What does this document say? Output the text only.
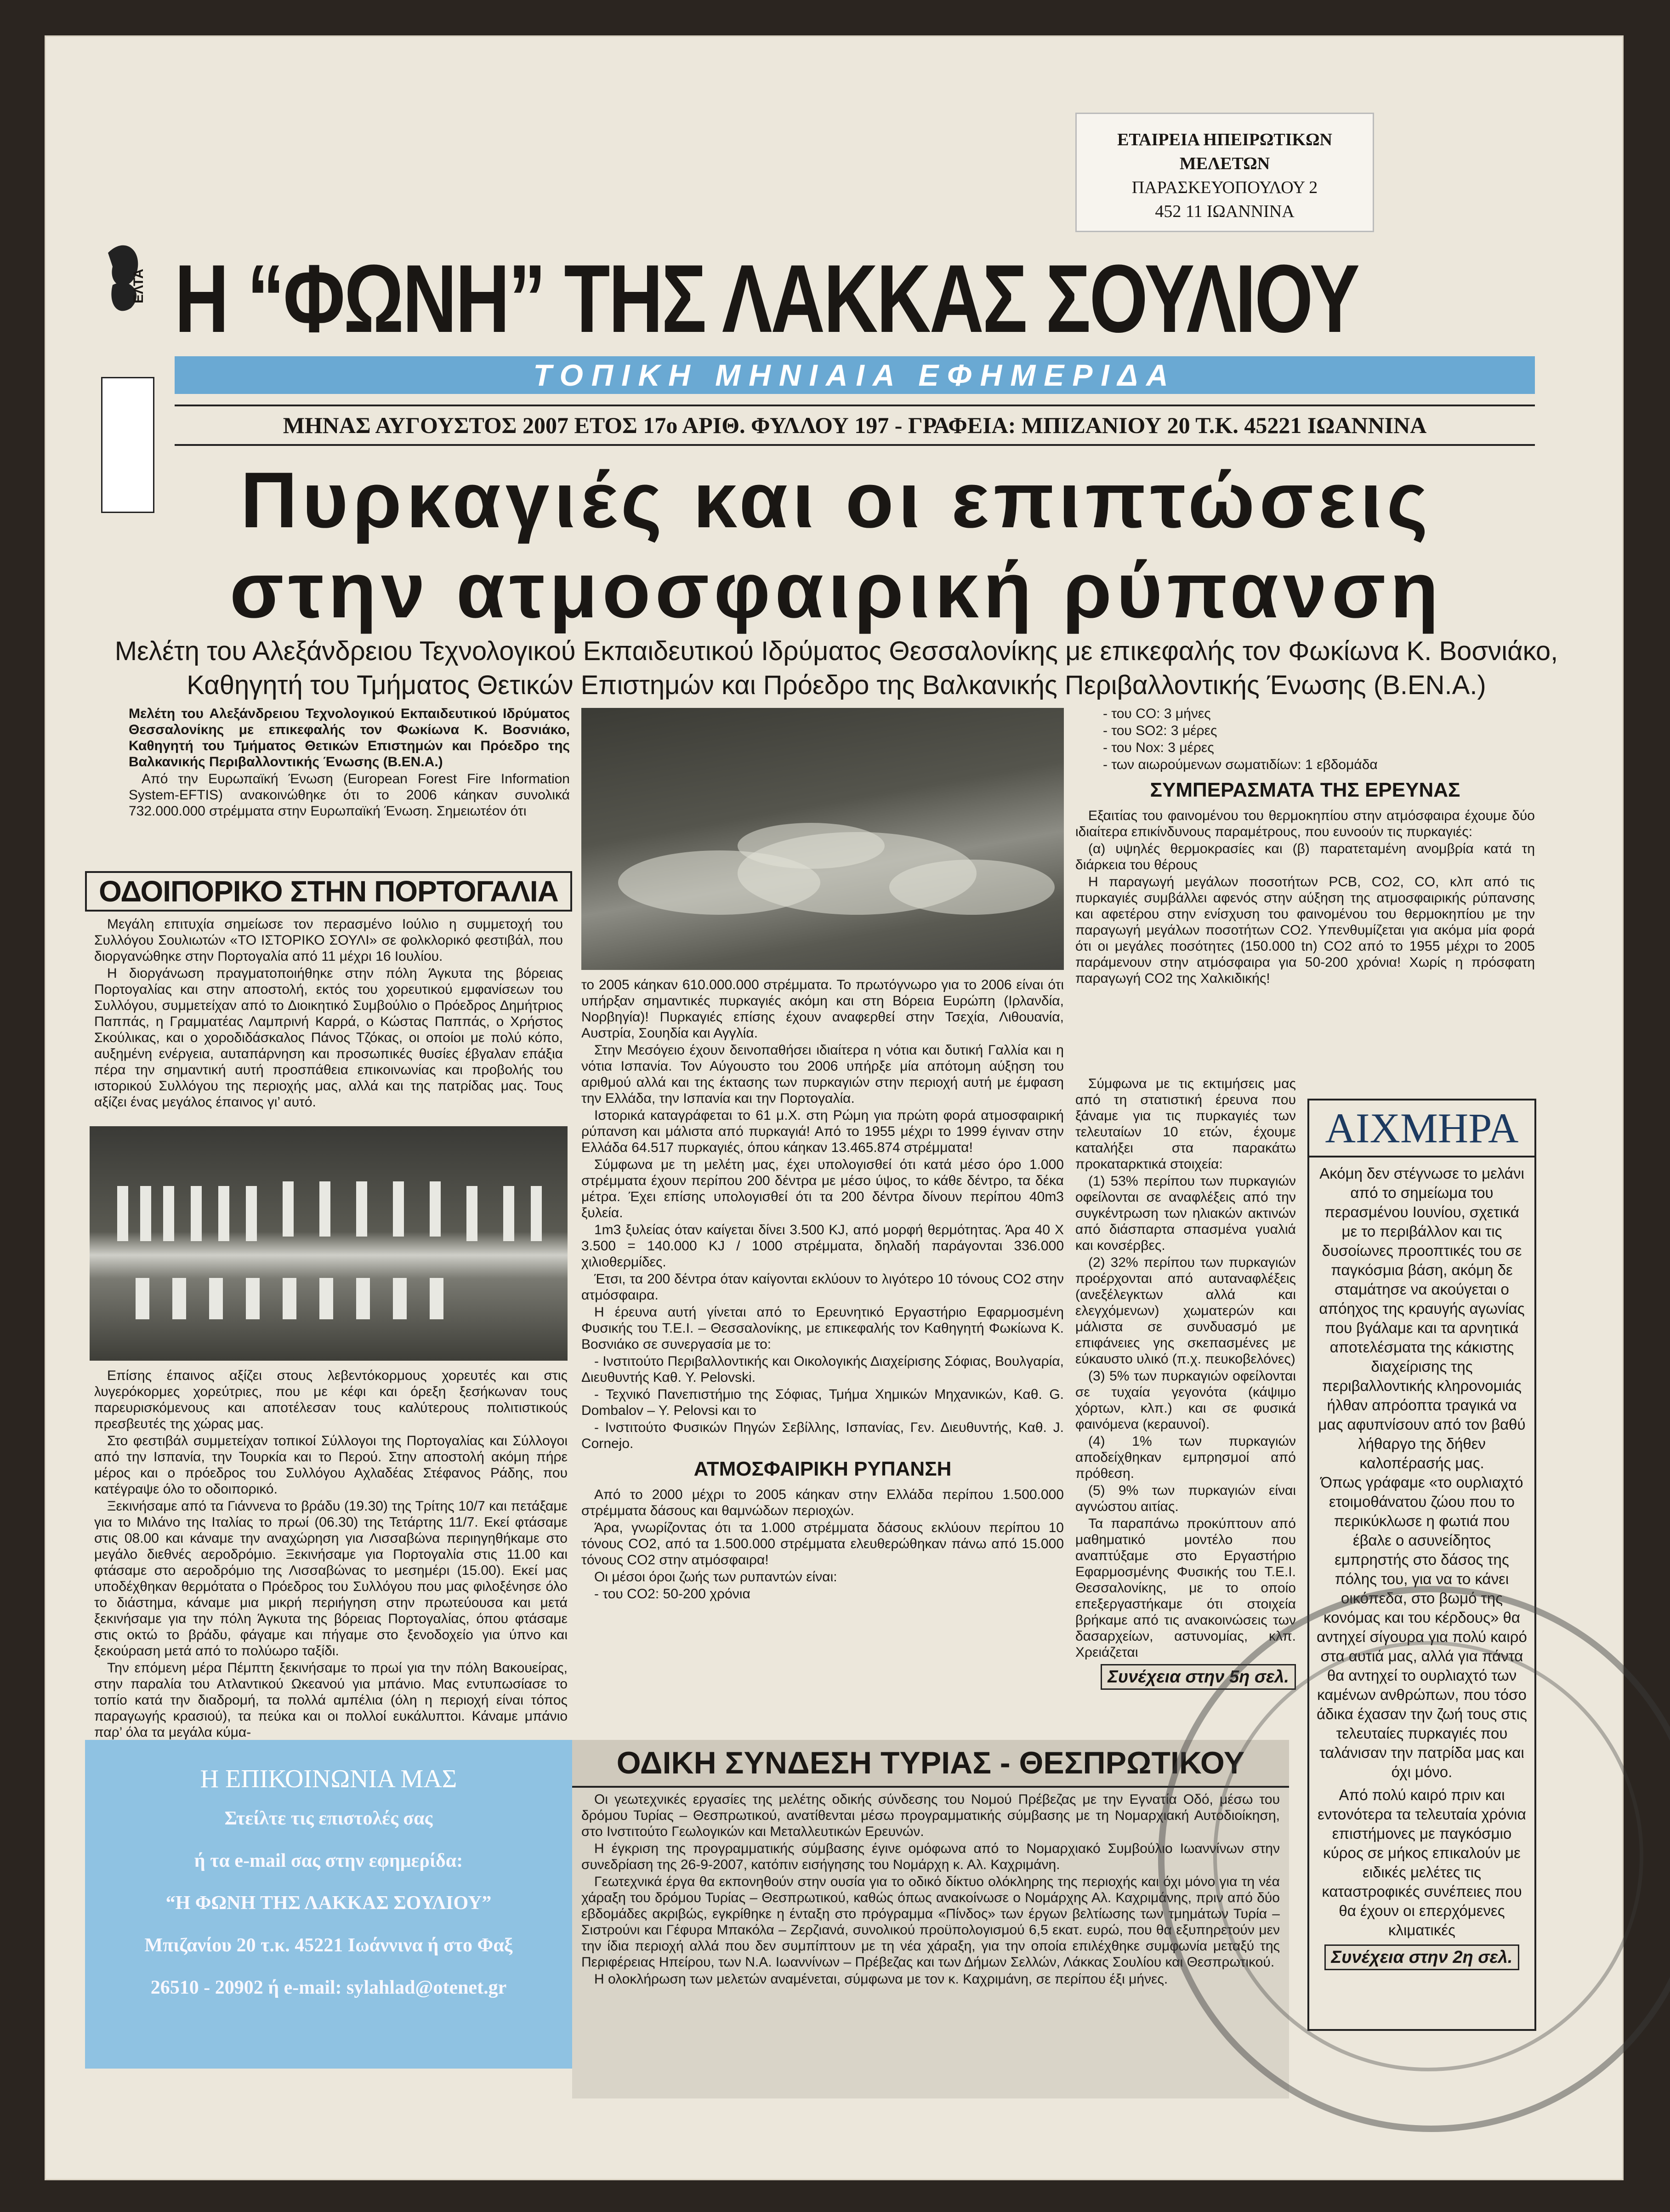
ΕΤΑΙΡΕΙΑ ΗΠΕΙΡΩΤΙΚΩΝ ΜΕΛΕΤΩΝ
ΠΑΡΑΣΚΕΥΟΠΟΥΛΟΥ 2
452 11 ΙΩΑΝΝΙΝΑ
ΕΛΤΑ Η “ΦΩΝΗ” ΤΗΣ ΛΑΚΚΑΣ ΣΟΥΛΙΟΥ
ΤΟΠΙΚΗ ΜΗΝΙΑΙΑ ΕΦΗΜΕΡΙΔΑ
ΜΗΝΑΣ ΑΥΓΟΥΣΤΟΣ 2007 ΕΤΟΣ 17ο ΑΡΙΘ. ΦΥΛΛΟΥ 197 - ΓΡΑΦΕΙΑ: ΜΠΙΖΑΝΙΟΥ 20 Τ.Κ. 45221 ΙΩΑΝΝΙΝΑ
Πυρκαγιές και οι επιπτώσεις
στην ατμοσφαιρική ρύπανση
Μελέτη του Αλεξάνδρειου Τεχνολογικού Εκπαιδευτικού Ιδρύματος Θεσσαλονίκης με επικεφαλής τον Φωκίωνα Κ. Βοσνιάκο, Καθηγητή του Τμήματος Θετικών Επιστημών και Πρόεδρο της Βαλκανικής Περιβαλλοντικής Ένωσης (Β.ΕΝ.Α.)

Μελέτη του Αλεξάνδρειου Τεχνολογικού Εκπαιδευτικού Ιδρύματος Θεσσαλονίκης με επικεφαλής τον Φωκίωνα Κ. Βοσνιάκο, Καθηγητή του Τμήματος Θετικών Επιστημών και Πρόεδρο της Βαλκανικής Περιβαλλοντικής Ένωσης (Β.ΕΝ.Α.)

Από την Ευρωπαϊκή Ένωση (European Forest Fire Information System-EFTIS) ανακοινώθηκε ότι το 2006 κάηκαν συνολικά 732.000.000 στρέμματα στην Ευρωπαϊκή Ένωση. Σημειωτέον ότι

ΟΔΟΙΠΟΡΙΚΟ ΣΤΗΝ ΠΟΡΤΟΓΑΛΙΑ

Μεγάλη επιτυχία σημείωσε τον περασμένο Ιούλιο η συμμετοχή του Συλλόγου Σουλιωτών «ΤΟ ΙΣΤΟΡΙΚΟ ΣΟΥΛΙ» σε φολκλορικό φεστιβάλ, που διοργανώθηκε στην Πορτογαλία από 11 μέχρι 16 Ιουλίου.

Η διοργάνωση πραγματοποιήθηκε στην πόλη Άγκυτα της βόρειας Πορτογαλίας και στην αποστολή, εκτός του χορευτικού εμφανίσεων του Συλλόγου, συμμετείχαν από το Διοικητικό Συμβούλιο ο Πρόεδρος Δημήτριος Παππάς, η Γραμματέας Λαμπρινή Καρρά, ο Κώστας Παππάς, ο Χρήστος Σκούλικας, και ο χοροδιδάσκαλος Πάνος Τζόκας, οι οποίοι με πολύ κόπο, αυξημένη ενέργεια, αυταπάρνηση και προσωπικές θυσίες έβγαλαν επάξια πέρα την σημαντική αυτή προσπάθεια επικοινωνίας και προβολής του ιστορικού Συλλόγου της περιοχής μας, αλλά και της πατρίδας μας. Τους αξίζει ένας μεγάλος έπαινος γι’ αυτό.

Επίσης έπαινος αξίζει στους λεβεντόκορμους χορευτές και στις λυγερόκορμες χορεύτριες, που με κέφι και όρεξη ξεσήκωναν τους παρευρισκόμενους και αποτέλεσαν τους καλύτερους πολιτιστικούς πρεσβευτές της χώρας μας.

Στο φεστιβάλ συμμετείχαν τοπικοί Σύλλογοι της Πορτογαλίας και Σύλλογοι από την Ισπανία, την Τουρκία και το Περού. Στην αποστολή ακόμη πήρε μέρος και ο πρόεδρος του Συλλόγου Αχλαδέας Στέφανος Ράδης, που κατέγραψε όλο το οδοιπορικό.

Ξεκινήσαμε από τα Γιάννενα το βράδυ (19.30) της Τρίτης 10/7 και πετάξαμε για το Μιλάνο της Ιταλίας το πρωί (06.30) της Τετάρτης 11/7. Εκεί φτάσαμε στις 08.00 και κάναμε την αναχώρηση για Λισσαβώνα περιηγηθήκαμε στο μεγάλο διεθνές αεροδρόμιο. Ξεκινήσαμε για Πορτογαλία στις 11.00 και φτάσαμε στο αεροδρόμιο της Λισσαβώνας το μεσημέρι (15.00). Εκεί μας υποδέχθηκαν θερμότατα ο Πρόεδρος του Συλλόγου που μας φιλοξένησε όλο το διάστημα, κάναμε μια μικρή περιήγηση στην πρωτεύουσα και μετά ξεκινήσαμε για την πόλη Άγκυτα της βόρειας Πορτογαλίας, όπου φτάσαμε στις οκτώ το βράδυ, φάγαμε και πήγαμε στο ξενοδοχείο για ύπνο και ξεκούραση μετά από το πολύωρο ταξίδι.

Την επόμενη μέρα Πέμπτη ξεκινήσαμε το πρωί για την πόλη Βακουείρας, στην παραλία του Ατλαντικού Ωκεανού για μπάνιο. Μας εντυπωσίασε το τοπίο κατά την διαδρομή, τα πολλά αμπέλια (όλη η περιοχή είναι τόπος παραγωγής κρασιού), τα πεύκα και οι πολλοί ευκάλυπτοι. Κάναμε μπάνιο παρ’ όλα τα μεγάλα κύμα-

το 2005 κάηκαν 610.000.000 στρέμματα. Το πρωτόγνωρο για το 2006 είναι ότι υπήρξαν σημαντικές πυρκαγιές ακόμη και στη Βόρεια Ευρώπη (Ιρλανδία, Νορβηγία)! Πυρκαγιές επίσης έχουν αναφερθεί στην Τσεχία, Λιθουανία, Αυστρία, Σουηδία και Αγγλία.

Στην Μεσόγειο έχουν δεινοπαθήσει ιδιαίτερα η νότια και δυτική Γαλλία και η νότια Ισπανία. Τον Αύγουστο του 2006 υπήρξε μία απότομη αύξηση του αριθμού αλλά και της έκτασης των πυρκαγιών στην περιοχή αυτή με έμφαση την Ελλάδα, την Ισπανία και την Πορτογαλία.

Ιστορικά καταγράφεται το 61 μ.Χ. στη Ρώμη για πρώτη φορά ατμοσφαιρική ρύπανση και μάλιστα από πυρκαγιά! Από το 1955 μέχρι το 1999 έγιναν στην Ελλάδα 64.517 πυρκαγιές, όπου κάηκαν 13.465.874 στρέμματα!

Σύμφωνα με τη μελέτη μας, έχει υπολογισθεί ότι κατά μέσο όρο 1.000 στρέμματα έχουν περίπου 200 δέντρα με μέσο ύψος, το κάθε δέντρο, τα δέκα μέτρα. Έχει επίσης υπολογισθεί ότι τα 200 δέντρα δίνουν περίπου 40m3 ξυλεία.

1m3 ξυλείας όταν καίγεται δίνει 3.500 KJ, από μορφή θερμότητας. Άρα 40 Χ 3.500 = 140.000 KJ / 1000 στρέμματα, δηλαδή παράγονται 336.000 χιλιοθερμίδες.

Έτσι, τα 200 δέντρα όταν καίγονται εκλύουν το λιγότερο 10 τόνους CO2 στην ατμόσφαιρα.

Η έρευνα αυτή γίνεται από το Ερευνητικό Εργαστήριο Εφαρμοσμένη Φυσικής του Τ.Ε.Ι. – Θεσσαλονίκης, με επικεφαλής τον Καθηγητή Φωκίωνα Κ. Βοσνιάκο σε συνεργασία με το:

- Ινστιτούτο Περιβαλλοντικής και Οικολογικής Διαχείρισης Σόφιας, Βουλγαρία, Διευθυντής Καθ. Y. Pelovski.

- Τεχνικό Πανεπιστήμιο της Σόφιας, Τμήμα Χημικών Μηχανικών, Καθ. G. Dombalov – Y. Pelovsi και το

- Ινστιτούτο Φυσικών Πηγών Σεβίλλης, Ισπανίας, Γεν. Διευθυντής, Καθ. J. Cornejo.

ΑΤΜΟΣΦΑΙΡΙΚΗ ΡΥΠΑΝΣΗ

Από το 2000 μέχρι το 2005 κάηκαν στην Ελλάδα περίπου 1.500.000 στρέμματα δάσους και θαμνώδων περιοχών.

Άρα, γνωρίζοντας ότι τα 1.000 στρέμματα δάσους εκλύουν περίπου 10 τόνους CO2, από τα 1.500.000 στρέμματα ελευθερώθηκαν πάνω από 15.000 τόνους CO2 στην ατμόσφαιρα!

Οι μέσοι όροι ζωής των ρυπαντών είναι:

- του CO2: 50-200 χρόνια

- του CO: 3 μήνες

- του SO2: 3 μέρες

- του Nox: 3 μέρες

- των αιωρούμενων σωματιδίων: 1 εβδομάδα

ΣΥΜΠΕΡΑΣΜΑΤΑ ΤΗΣ ΕΡΕΥΝΑΣ

Εξαιτίας του φαινομένου του θερμοκηπίου στην ατμόσφαιρα έχουμε δύο ιδιαίτερα επικίνδυνους παραμέτρους, που ευνοούν τις πυρκαγιές:

(α) υψηλές θερμοκρασίες και (β) παρατεταμένη ανομβρία κατά τη διάρκεια του θέρους

Η παραγωγή μεγάλων ποσοτήτων PCB, CO2, CO, κλπ από τις πυρκαγιές συμβάλλει αφενός στην αύξηση της ατμοσφαιρικής ρύπανσης και αφετέρου στην ενίσχυση του φαινομένου του θερμοκηπίου με την παραγωγή μεγάλων ποσοτήτων CO2. Υπενθυμίζεται για ακόμα μία φορά ότι οι μεγάλες ποσότητες (150.000 tn) CO2 από το 1955 μέχρι το 2005 παράμενουν στην ατμόσφαιρα για 50-200 χρόνια! Χωρίς η πρόσφατη παραγωγή CO2 της Χαλκιδικής!

Σύμφωνα με τις εκτιμήσεις μας από τη στατιστική έρευνα που ξάναμε για τις πυρκαγιές των τελευταίων 10 ετών, έχουμε καταλήξει στα παρακάτω προκαταρκτικά στοιχεία:

(1) 53% περίπου των πυρκαγιών οφείλονται σε αναφλέξεις από την συγκέντρωση των ηλιακών ακτινών από διάσπαρτα σπασμένα γυαλιά και κονσέρβες.

(2) 32% περίπου των πυρκαγιών προέρχονται από αυταναφλέξεις (ανεξέλεγκτων αλλά και ελεγχόμενων) χωματερών και μάλιστα σε συνδυασμό με επιφάνειες γης σκεπασμένες με εύκαυστο υλικό (π.χ. πευκοβελόνες)

(3) 5% των πυρκαγιών οφείλονται σε τυχαία γεγονότα (κάψιμο χόρτων, κλπ.) και σε φυσικά φαινόμενα (κεραυνοί).

(4) 1% των πυρκαγιών αποδείχθηκαν εμπρησμοί από πρόθεση.

(5) 9% των πυρκαγιών είναι αγνώστου αιτίας.

Τα παραπάνω προκύπτουν από μαθηματικό μοντέλο που αναπτύξαμε στο Εργαστήριο Εφαρμοσμένης Φυσικής του Τ.Ε.Ι. Θεσσαλονίκης, με το οποίο επεξεργαστήκαμε ότι στοιχεία βρήκαμε από τις ανακοινώσεις των δασαρχείων, αστυνομίας, κλπ. Χρειάζεται

Συνέχεια στην 5η σελ.
ΑΙΧΜΗΡΑ
Ακόμη δεν στέγνωσε το μελάνι από το σημείωμα του περασμένου Ιουνίου, σχετικά με το περιβάλλον και τις δυσοίωνες προοπτικές του σε παγκόσμια βάση, ακόμη δε σταμάτησε να ακούγεται ο απόηχος της κραυγής αγωνίας που βγάλαμε και τα αρνητικά αποτελέσματα της κάκιστης διαχείρισης της περιβαλλοντικής κληρονομιάς ήλθαν απρόοπτα τραγικά να μας αφυπνίσουν από τον βαθύ λήθαργο της δήθεν καλοπέρασής μας.
Όπως γράφαμε «το ουρλιαχτό ετοιμοθάνατου ζώου που το περικύκλωσε η φωτιά που έβαλε ο ασυνείδητος εμπρηστής στο δάσος της πόλης του, για να το κάνει οικόπεδα, στο βωμό της κονόμας και του κέρδους» θα αντηχεί σίγουρα για πολύ καιρό στα αυτιά μας, αλλά για πάντα θα αντηχεί το ουρλιαχτό των καμένων ανθρώπων, που τόσο άδικα έχασαν την ζωή τους στις τελευταίες πυρκαγιές που ταλάνισαν την πατρίδα μας και όχι μόνο.
Από πολύ καιρό πριν και εντονότερα τα τελευταία χρόνια επιστήμονες με παγκόσμιο κύρος σε μήκος επικαλούν με ειδικές μελέτες τις καταστροφικές συνέπειες που θα έχουν οι επερχόμενες κλιματικές
Συνέχεια στην 2η σελ.
Η ΕΠΙΚΟΙΝΩΝΙΑ ΜΑΣ
Στείλτε τις επιστολές σας
ή τα e-mail σας στην εφημερίδα:
“Η ΦΩΝΗ ΤΗΣ ΛΑΚΚΑΣ ΣΟΥΛΙΟΥ”
Μπιζανίου 20 τ.κ. 45221 Ιωάννινα ή στο Φαξ
26510 - 20902 ή e-mail: sylahlad@otenet.gr
ΟΔΙΚΗ ΣΥΝΔΕΣΗ ΤΥΡΙΑΣ - ΘΕΣΠΡΩΤΙΚΟΥ

Οι γεωτεχνικές εργασίες της μελέτης οδικής σύνδεσης του Νομού Πρέβεζας με την Εγνατία Οδό, μέσω του δρόμου Τυρίας – Θεσπρωτικού, ανατίθενται μέσω προγραμματικής σύμβασης με τη Νομαρχιακή Αυτοδιοίκηση, στο Ινστιτούτο Γεωλογικών και Μεταλλευτικών Ερευνών.

Η έγκριση της προγραμματικής σύμβασης έγινε ομόφωνα από το Νομαρχιακό Συμβούλιο Ιωαννίνων στην συνεδρίαση της 26-9-2007, κατόπιν εισήγησης του Νομάρχη κ. Αλ. Καχριμάνη.

Γεωτεχνικά έργα θα εκπονηθούν στην ουσία για το οδικό δίκτυο ολόκληρης της περιοχής και όχι μόνο για τη νέα χάραξη του δρόμου Τυρίας – Θεσπρωτικού, καθώς όπως ανακοίνωσε ο Νομάρχης Αλ. Καχριμάνης, πριν από δύο εβδομάδες ακριβώς, εγκρίθηκε η ένταξη στο πρόγραμμα «Πίνδος» των έργων βελτίωσης των τμημάτων Τυρία – Σιστρούνι και Γέφυρα Μπακόλα – Ζερζιανά, συνολικού προϋπολογισμού 6,5 εκατ. ευρώ, που θα εξυπηρετούν μεν την ίδια περιοχή αλλά που δεν συμπίπτουν με τη νέα χάραξη, για την οποία επιλέχθηκε συμφωνία μεταξύ της Περιφέρειας Ηπείρου, των Ν.Α. Ιωαννίνων – Πρέβεζας και των Δήμων Σελλών, Λάκκας Σουλίου και Θεσπρωτικού.

Η ολοκλήρωση των μελετών αναμένεται, σύμφωνα με τον κ. Καχριμάνη, σε περίπου έξι μήνες.
